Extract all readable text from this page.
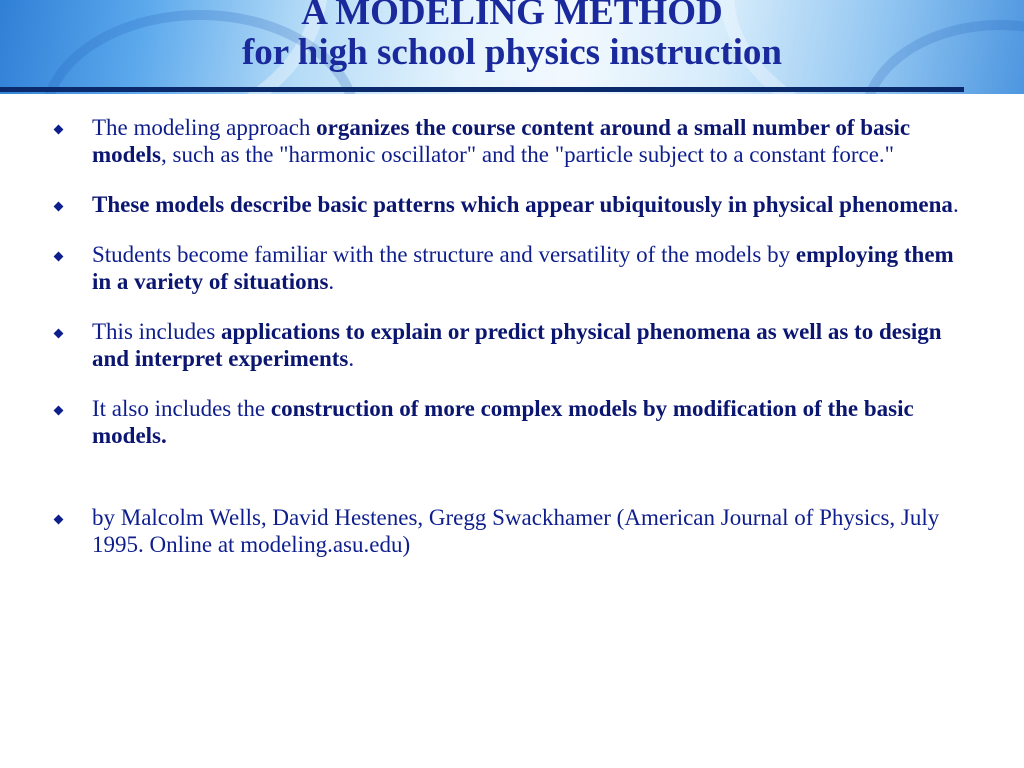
A MODELING METHOD
for high school physics instruction
The modeling approach organizes the course content around a small number of basic models, such as the "harmonic oscillator" and the "particle subject to a constant force."
These models describe basic patterns which appear ubiquitously in physical phenomena.
Students become familiar with the structure and versatility of the models by employing them in a variety of situations.
This includes applications to explain or predict physical phenomena as well as to design and interpret experiments.
It also includes the construction of more complex models by modification of the basic models.
by Malcolm Wells, David Hestenes, Gregg Swackhamer (American Journal of Physics, July 1995. Online at modeling.asu.edu)
